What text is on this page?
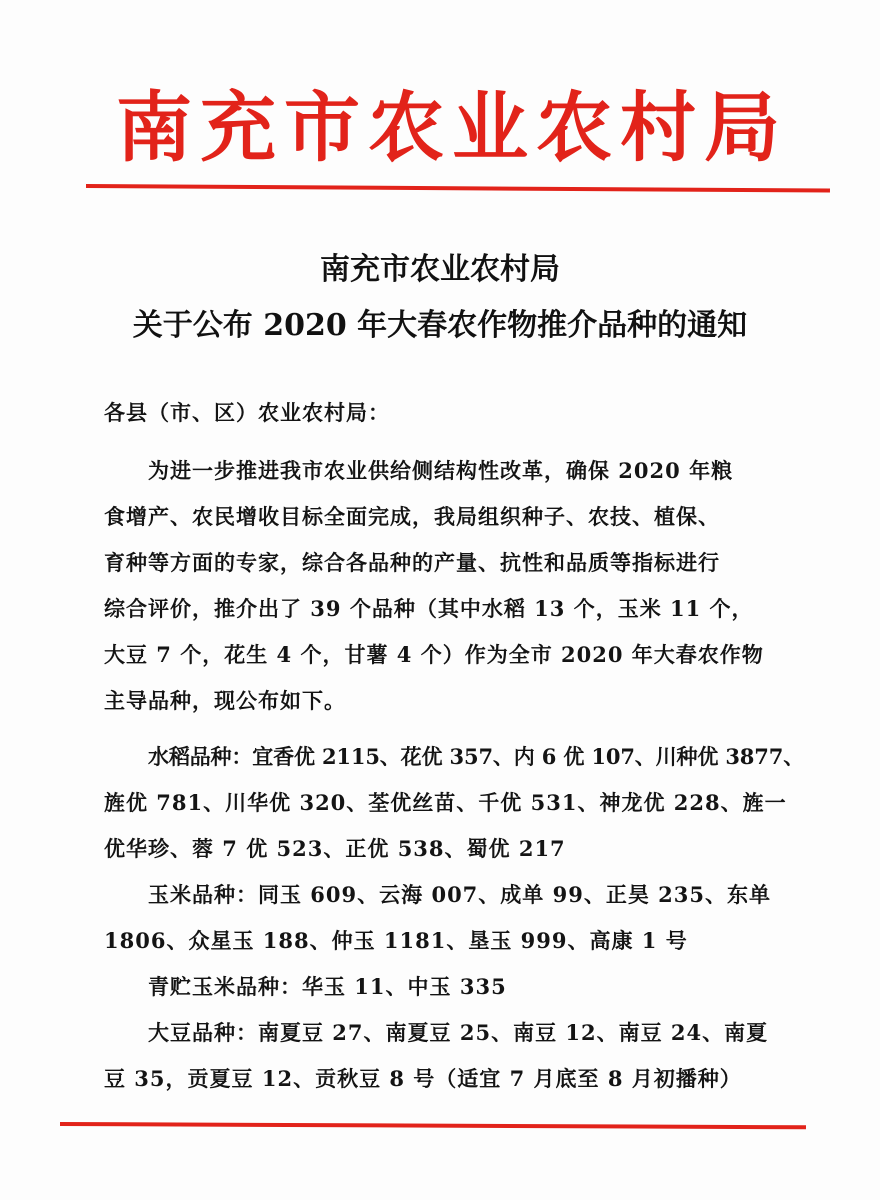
南充市农业农村局
南充市农业农村局
关于公布 2020 年大春农作物推介品种的通知
各县（市、区）农业农村局：
为进一步推进我市农业供给侧结构性改革，确保 2020 年粮
食增产、农民增收目标全面完成，我局组织种子、农技、植保、
育种等方面的专家，综合各品种的产量、抗性和品质等指标进行
综合评价，推介出了 39 个品种（其中水稻 13 个，玉米 11 个，
大豆 7 个，花生 4 个，甘薯 4 个）作为全市 2020 年大春农作物
主导品种，现公布如下。
水稻品种：宜香优 2115、花优 357、内 6 优 107、川种优 3877、
旌优 781、川华优 320、荃优丝苗、千优 531、神龙优 228、旌一
优华珍、蓉 7 优 523、正优 538、蜀优 217
玉米品种：同玉 609、云海 007、成单 99、正昊 235、东单
1806、众星玉 188、仲玉 1181、垦玉 999、高康 1 号
青贮玉米品种：华玉 11、中玉 335
大豆品种：南夏豆 27、南夏豆 25、南豆 12、南豆 24、南夏
豆 35，贡夏豆 12、贡秋豆 8 号（适宜 7 月底至 8 月初播种）
